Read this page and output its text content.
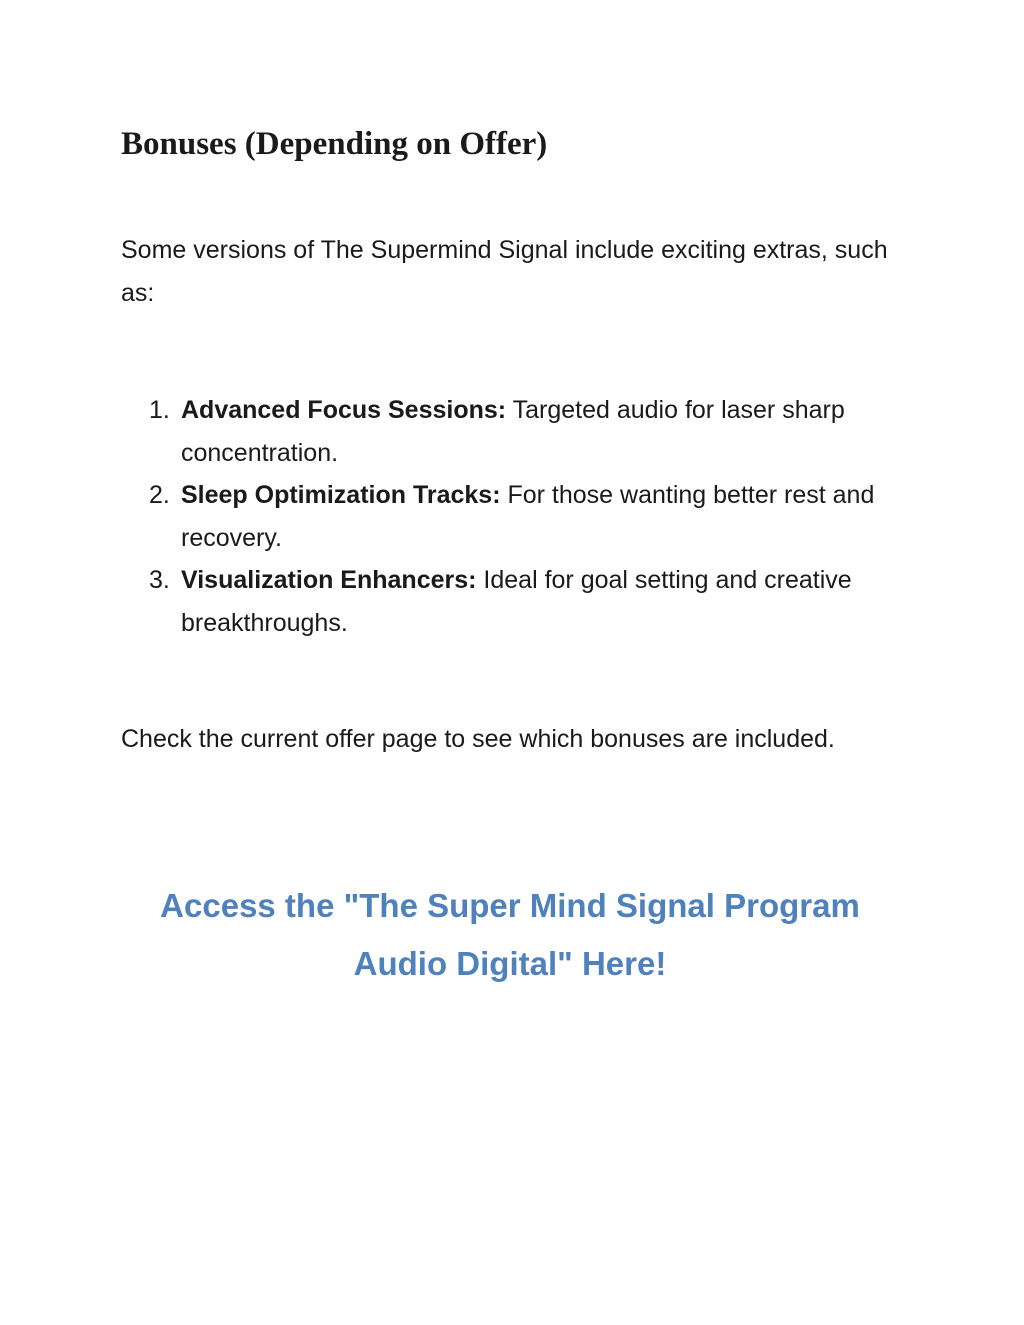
Bonuses (Depending on Offer)

Some versions of The Supermind Signal include exciting extras, such as:

1. Advanced Focus Sessions: Targeted audio for laser sharp concentration.
2. Sleep Optimization Tracks: For those wanting better rest and recovery.
3. Visualization Enhancers: Ideal for goal setting and creative breakthroughs.

Check the current offer page to see which bonuses are included.

Access the "The Super Mind Signal Program
Audio Digital" Here!
